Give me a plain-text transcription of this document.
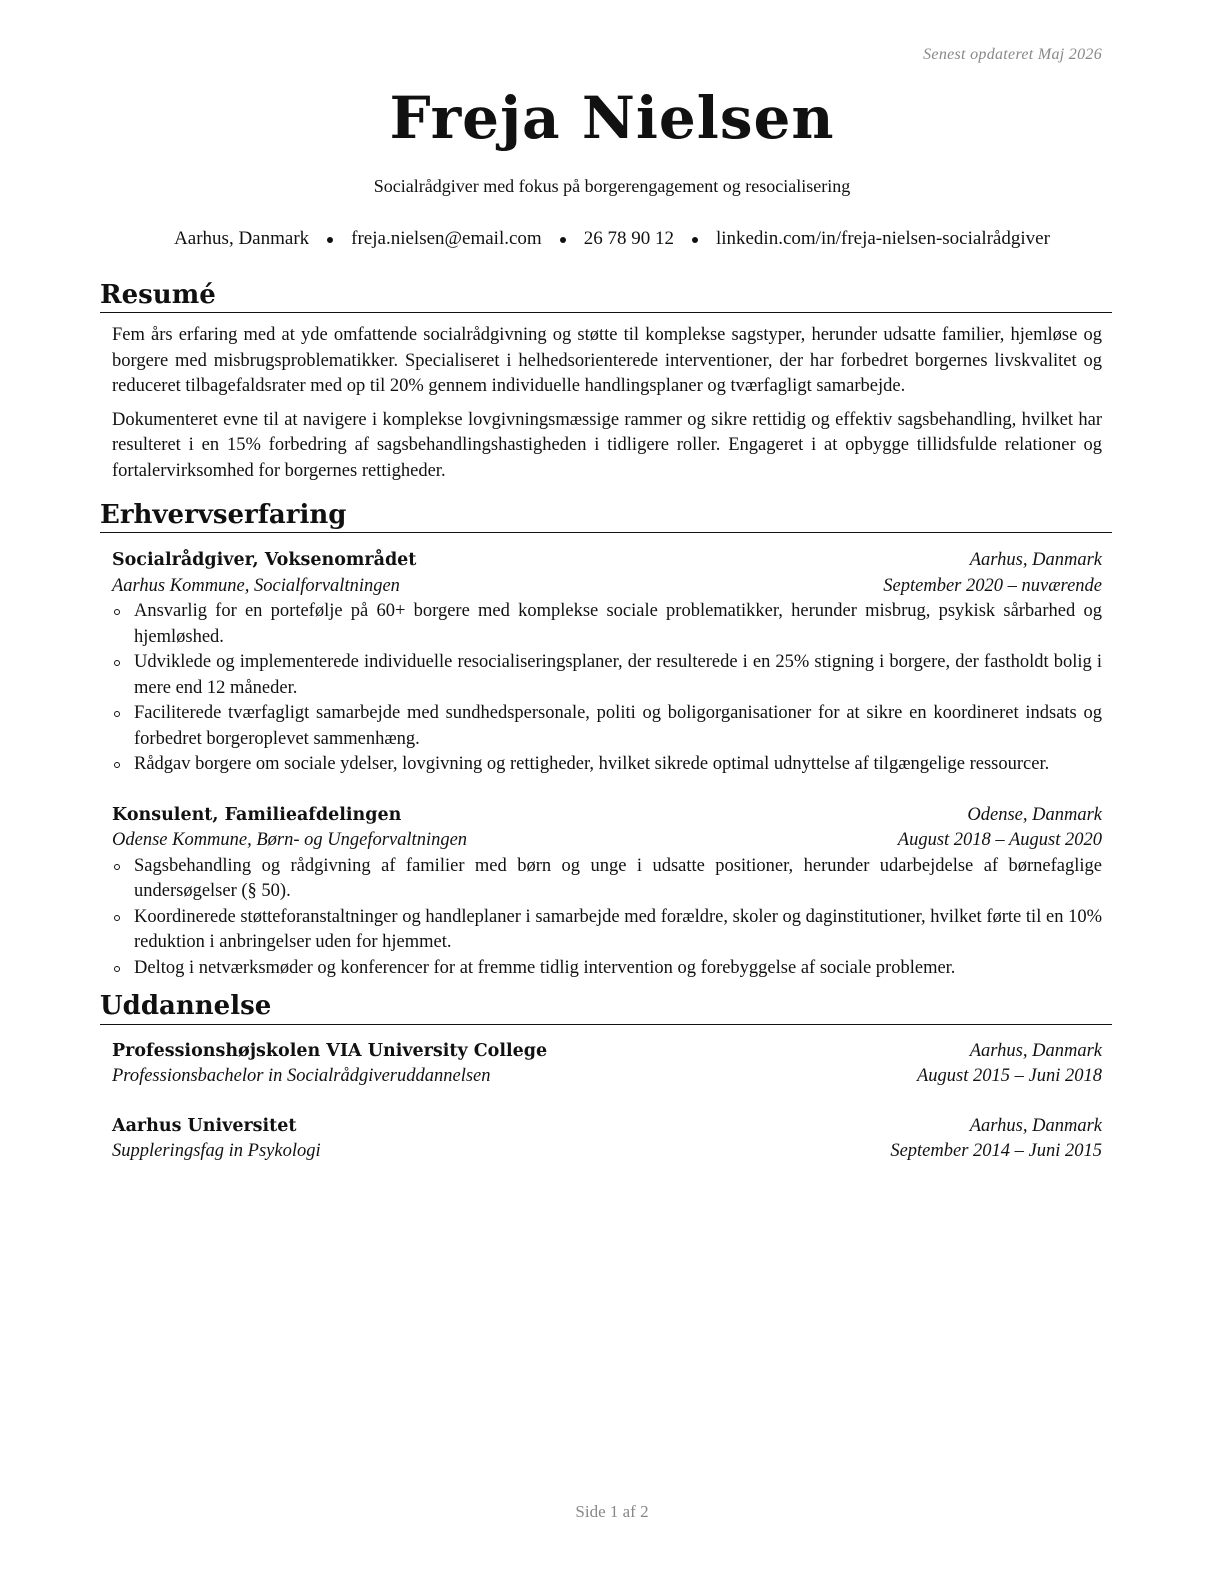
Senest opdateret Maj 2026
Freja Nielsen

Socialrådgiver med fokus på borgerengagement og resocialisering

Aarhus, Danmark freja.nielsen@email.com 26 78 90 12 linkedin.com/in/freja-nielsen-socialrådgiver
Resumé

Fem års erfaring med at yde omfattende socialrådgivning og støtte til komplekse sagstyper, herunder udsatte familier, hjemløse og borgere med misbrugsproblematikker. Specialiseret i helhedsorienterede interventioner, der har forbedret borgernes livskvalitet og reduceret tilbagefaldsrater med op til 20% gennem individuelle handlingsplaner og tværfagligt samarbejde.

Dokumenteret evne til at navigere i komplekse lovgivningsmæssige rammer og sikre rettidig og effektiv sagsbehandling, hvilket har resulteret i en 15% forbedring af sagsbehandlingshastigheden i tidligere roller. Engageret i at opbygge tillidsfulde relationer og fortalervirksomhed for borgernes rettigheder.

Erhvervserfaring
Socialrådgiver, Voksenområdet	Aarhus, Danmark
Aarhus Kommune, Socialforvaltningen	September 2020 – nuværende
Ansvarlig for en portefølje på 60+ borgere med komplekse sociale problematikker, herunder misbrug, psykisk sårbarhed og hjemløshed.
Udviklede og implementerede individuelle resocialiseringsplaner, der resulterede i en 25% stigning i borgere, der fastholdt bolig i mere end 12 måneder.
Faciliterede tværfagligt samarbejde med sundhedspersonale, politi og boligorganisationer for at sikre en koordineret indsats og forbedret borgeroplevet sammenhæng.
Rådgav borgere om sociale ydelser, lovgivning og rettigheder, hvilket sikrede optimal udnyttelse af tilgængelige ressourcer.
Konsulent, Familieafdelingen	Odense, Danmark
Odense Kommune, Børn- og Ungeforvaltningen	August 2018 – August 2020
Sagsbehandling og rådgivning af familier med børn og unge i udsatte positioner, herunder udarbejdelse af børnefaglige undersøgelser (§ 50).
Koordinerede støtteforanstaltninger og handleplaner i samarbejde med forældre, skoler og daginstitutioner, hvilket førte til en 10% reduktion i anbringelser uden for hjemmet.
Deltog i netværksmøder og konferencer for at fremme tidlig intervention og forebyggelse af sociale problemer.
Uddannelse
Professionshøjskolen VIA University College	Aarhus, Danmark
Professionsbachelor in Socialrådgiveruddannelsen	August 2015 – Juni 2018
Aarhus Universitet	Aarhus, Danmark
Suppleringsfag in Psykologi	September 2014 – Juni 2015
Side 1 af 2
